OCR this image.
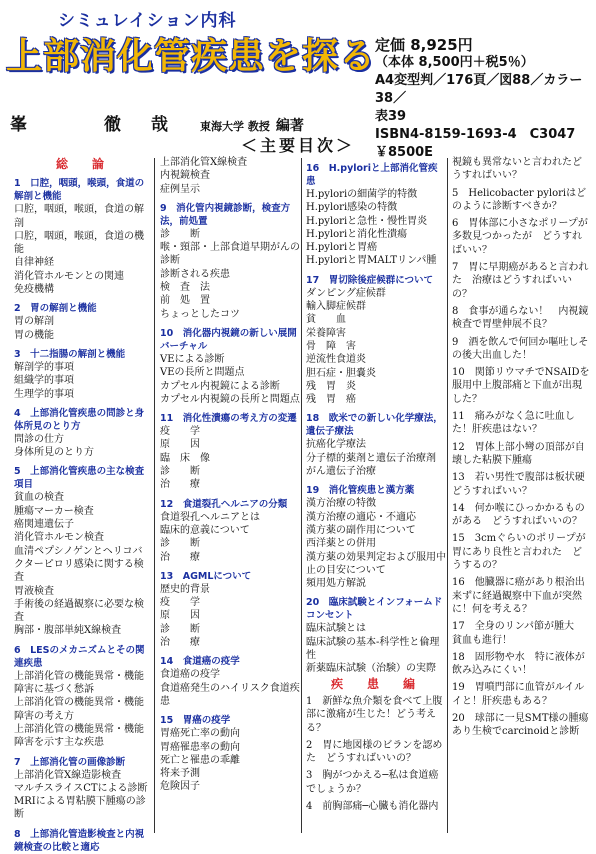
シミュレイション内科
上部消化管疾患を探る
峯　徹哉 東海大学 教授 編著
定価 8,925円
（本体 8,500円＋税5％）
A4変型判／176頁／図88／カラー38／
表39
ISBN4-8159-1693-4　C3047　￥8500E
＜主要目次＞
総　論
1　口腔，咽頭，喉頭，食道の解剖と機能
口腔，咽頭，喉頭，食道の解剖
口腔，咽頭，喉頭，食道の機能
自律神経
消化管ホルモンとの関連
免疫機構
2　胃の解剖と機能
胃の解剖
胃の機能
3　十二指腸の解剖と機能
解剖学的事項
組織学的事項
生理学的事項
4　上部消化管疾患の問診と身体所見のとり方
問診の仕方
身体所見のとり方
5　上部消化管疾患の主な検査項目
貧血の検査
腫瘍マーカー検査
癌関連遺伝子
消化管ホルモン検査
血清ペプシノゲンとヘリコバクターピロリ感染に関する検査
胃液検査
手術後の経過観察に必要な検査
胸部・腹部単純X線検査
6　LESのメカニズムとその関連疾患
上部消化管の機能異常・機能障害に基づく愁訴
上部消化管の機能異常・機能障害の考え方
上部消化管の機能異常・機能障害を示す主な疾患
7　上部消化管の画像診断
上部消化管X線造影検査
マルチスライスCTによる診断
MRIによる胃粘膜下腫瘍の診断
8　上部消化管造影検査と内視鏡検査の比較と適応
上部消化管X線検査
内視鏡検査
症例呈示
9　消化管内視鏡診断，検査方法，前処置
診　　断
喉・頸部・上部食道早期がんの診断
診断される疾患
検　査　法
前　処　置
ちょっとしたコツ
10　消化器内視鏡の新しい展開バーチャル
VEによる診断
VEの長所と問題点
カプセル内視鏡による診断
カプセル内視鏡の長所と問題点
11　消化性潰瘍の考え方の変遷
疫　　学
原　　因
臨　床　像
診　　断
治　　療
12　食道裂孔ヘルニアの分類
食道裂孔ヘルニアとは
臨床的意義について
診　　断
治　　療
13　AGMLについて
歴史的背景
疫　　学
原　　因
診　　断
治　　療
14　食道癌の疫学
食道癌の疫学
食道癌発生のハイリスク食道疾患
15　胃癌の疫学
胃癌死亡率の動向
胃癌罹患率の動向
死亡と罹患の乖離
将来予測
危険因子
16　H.pyloriと上部消化管疾患
H.pyloriの細菌学的特徴
H.pylori感染の特徴
H.pyloriと急性・慢性胃炎
H.pyloriと消化性潰瘍
H.pyloriと胃癌
H.pyloriと胃MALTリンパ腫
17　胃切除後症候群について
ダンピング症候群
輸入脚症候群
貧　　血
栄養障害
骨　障　害
逆流性食道炎
胆石症・胆嚢炎
残　胃　炎
残　胃　癌
18　欧米での新しい化学療法，遺伝子療法
抗癌化学療法
分子標的薬剤と遺伝子治療剤
がん遺伝子治療
19　消化管疾患と漢方薬
漢方治療の特徴
漢方治療の適応・不適応
漢方薬の副作用について
西洋薬との併用
漢方薬の効果判定および服用中止の目安について
頻用処方解説
20　臨床試験とインフォームドコンセント
臨床試験とは
臨床試験の基本-科学性と倫理性
新薬臨床試験（治験）の実際
疾　患　編
1　新鮮な魚介類を食べて上腹部に激痛が生じた！どう考える？
2　胃に地図様のビランを認めた　どうすればいいの？
3　胸がつかえる─私は食道癌でしょうか？
4　前胸部痛─心臓も消化器内
視鏡も異常ないと言われたどうすればいい？
5　Helicobacter pyloriはどのように診断すべきか？
6　胃体部に小さなポリープが多数見つかったが　どうすればいい？
7　胃に早期癌があると言われた　治療はどうすればいいの？
8　食事が通らない！　内視鏡検査で胃壁伸展不良？
9　酒を飲んで何回か嘔吐しその後大出血した！
10　関節リウマチでNSAIDを服用中上腹部痛と下血が出現した？
11　痛みがなく急に吐血した！肝疾患はない？
12　胃体上部小彎の頂部が自壊した粘膜下腫瘍
13　若い男性で腹部は板状硬どうすればいい？
14　何か喉にひっかかるものがある　どうすればいいの？
15　3cmぐらいのポリープが胃にあり良性と言われた　どうするの？
16　他臓器に癌があり根治出来ずに経過観察中下血が突然に！何を考える？
17　全身のリンパ節が腫大　貧血も進行！
18　固形物や水　特に液体が飲み込みにくい！
19　胃噴門部に血管がルイルイと！肝疾患もある？
20　球部に一見SMT様の腫瘍あり生検でcarcinoidと診断
